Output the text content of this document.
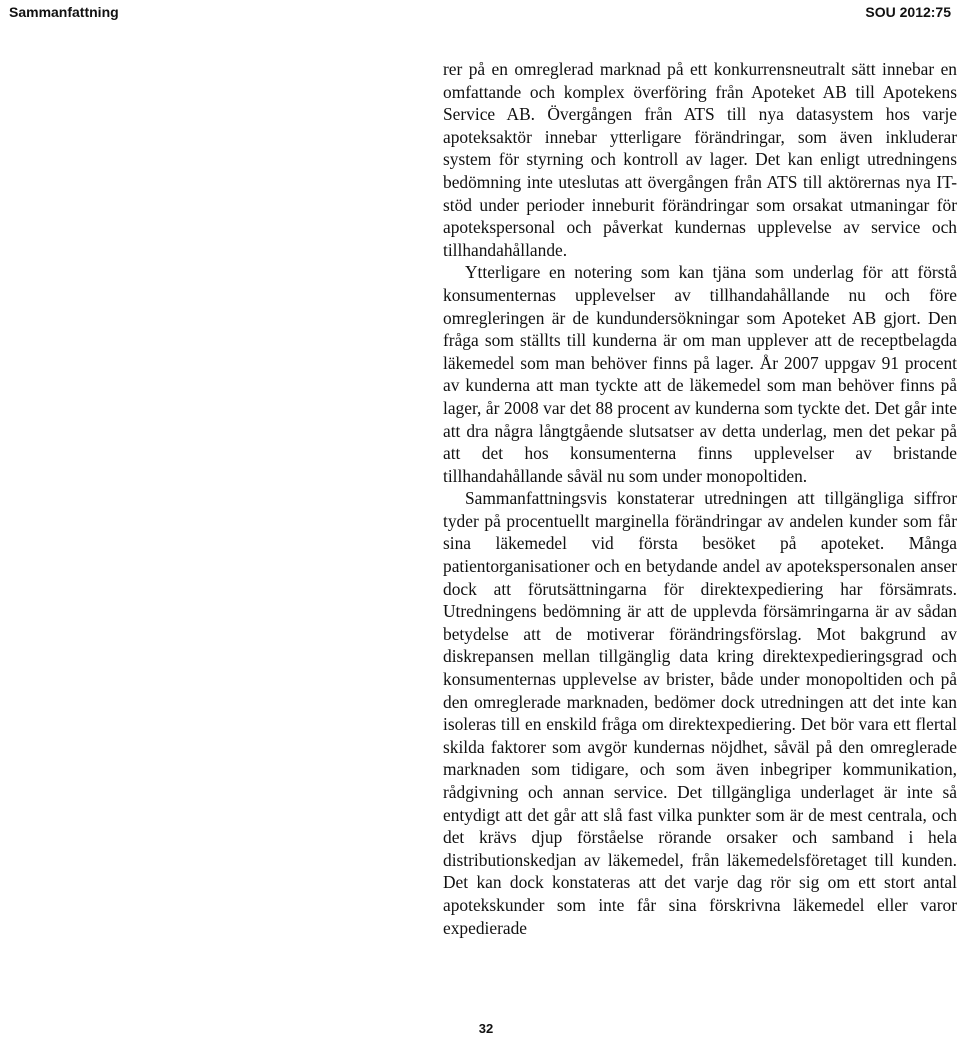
Sammanfattning	SOU 2012:75

rer på en omreglerad marknad på ett konkurrensneutralt sätt innebar en omfattande och komplex överföring från Apoteket AB till Apotekens Service AB. Övergången från ATS till nya datasystem hos varje apoteksaktör innebar ytterligare förändringar, som även inkluderar system för styrning och kontroll av lager. Det kan enligt utredningens bedömning inte uteslutas att övergången från ATS till aktörernas nya IT-stöd under perioder inneburit förändringar som orsakat utmaningar för apotekspersonal och påverkat kundernas upplevelse av service och tillhandahållande.

Ytterligare en notering som kan tjäna som underlag för att förstå konsumenternas upplevelser av tillhandahållande nu och före omregleringen är de kundundersökningar som Apoteket AB gjort. Den fråga som ställts till kunderna är om man upplever att de receptbelagda läkemedel som man behöver finns på lager. År 2007 uppgav 91 procent av kunderna att man tyckte att de läkemedel som man behöver finns på lager, år 2008 var det 88 procent av kunderna som tyckte det. Det går inte att dra några långtgående slutsatser av detta underlag, men det pekar på att det hos konsumenterna finns upplevelser av bristande tillhandahållande såväl nu som under monopoltiden.

Sammanfattningsvis konstaterar utredningen att tillgängliga siffror tyder på procentuellt marginella förändringar av andelen kunder som får sina läkemedel vid första besöket på apoteket. Många patientorganisationer och en betydande andel av apotekspersonalen anser dock att förutsättningarna för direktexpediering har försämrats. Utredningens bedömning är att de upplevda försämringarna är av sådan betydelse att de motiverar förändringsförslag. Mot bakgrund av diskrepansen mellan tillgänglig data kring direktexpedieringsgrad och konsumenternas upplevelse av brister, både under monopoltiden och på den omreglerade marknaden, bedömer dock utredningen att det inte kan isoleras till en enskild fråga om direktexpediering. Det bör vara ett flertal skilda faktorer som avgör kundernas nöjdhet, såväl på den omreglerade marknaden som tidigare, och som även inbegriper kommunikation, rådgivning och annan service. Det tillgängliga underlaget är inte så entydigt att det går att slå fast vilka punkter som är de mest centrala, och det krävs djup förståelse rörande orsaker och samband i hela distributionskedjan av läkemedel, från läkemedelsföretaget till kunden. Det kan dock konstateras att det varje dag rör sig om ett stort antal apotekskunder som inte får sina förskrivna läkemedel eller varor expedierade

32
